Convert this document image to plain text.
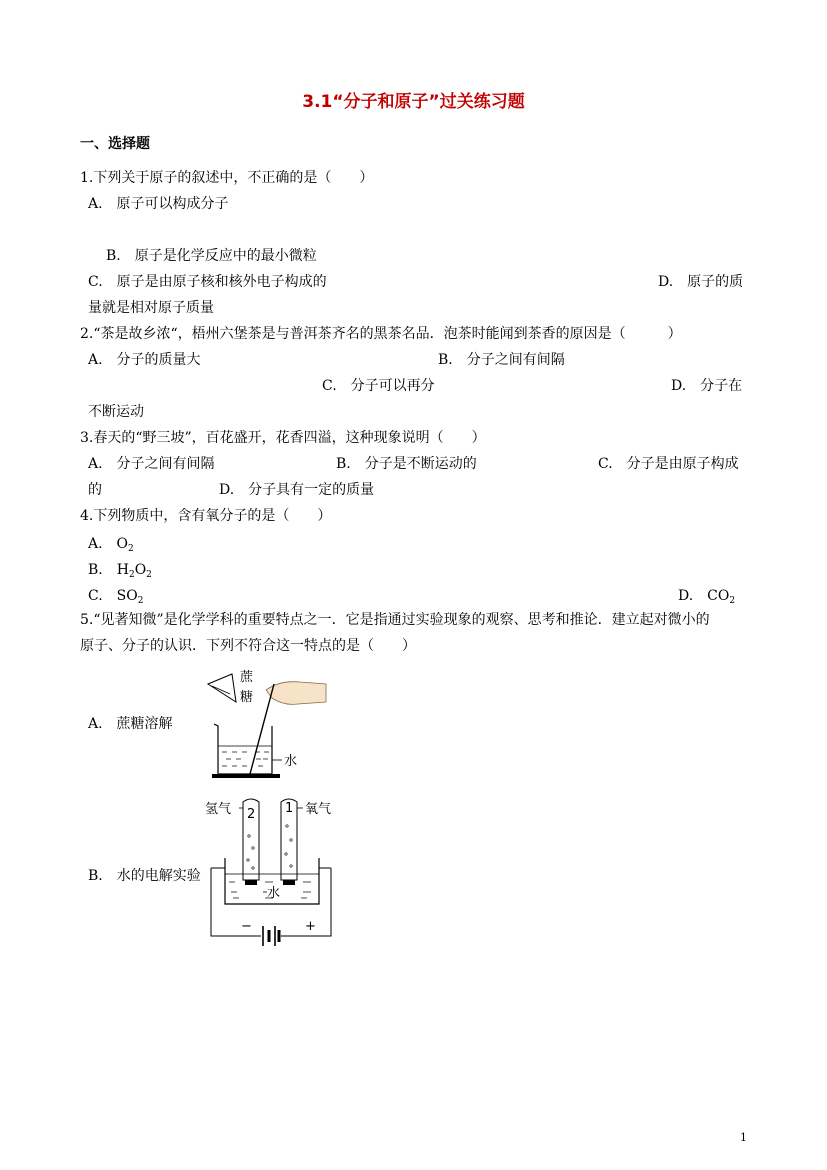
3.1“分子和原子”过关练习题
一、选择题
1.下列关于原子的叙述中，不正确的是（　　）
A.　原子可以构成分子
B.　原子是化学反应中的最小微粒
C.　原子是由原子核和核外电子构成的	D.　原子的质
量就是相对原子质量
2.“茶是故乡浓“，梧州六堡茶是与普洱茶齐名的黑茶名品．泡茶时能闻到茶香的原因是（　　　）
A.　分子的质量大	B.　分子之间有间隔
C.　分子可以再分	D.　分子在
不断运动
3.春天的“野三坡”，百花盛开，花香四溢，这种现象说明（　　）
A.　分子之间有间隔	B.　分子是不断运动的	C.　分子是由原子构成
的	D.　分子具有一定的质量
4.下列物质中，含有氧分子的是（　　）
A.　$O_2$
B.　$H_2O_2$
C.　$SO_2$	D.　$CO_2$
5.“见著知微”是化学学科的重要特点之一．它是指通过实验现象的观察、思考和推论．建立起对微小的
原子、分子的认识．下列不符合这一特点的是（　　）
A.　蔗糖溶解
B.　水的电解实验
蔗
糖
水
氢气	氧气
2 1
水
−	+
1
